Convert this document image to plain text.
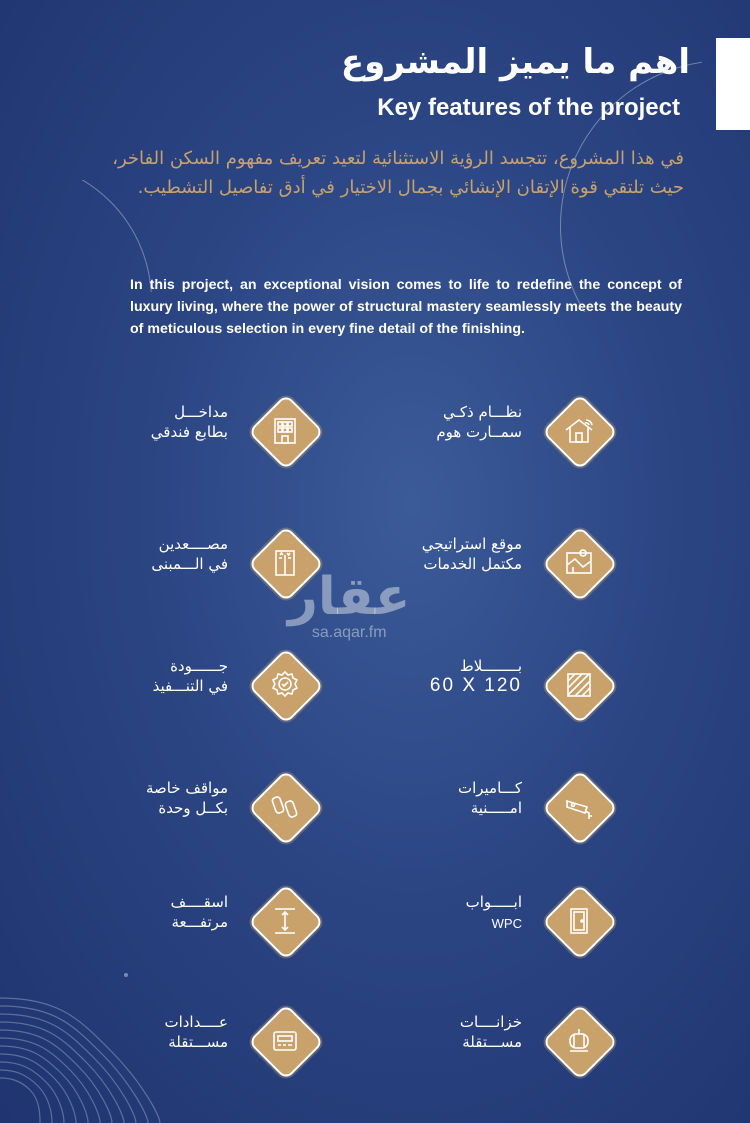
اهم ما يميز المشروع
Key features of the project
في هذا المشروع، تتجسد الرؤية الاستثنائية لتعيد تعريف مفهوم السكن الفاخر، حيث تلتقي قوة الإتقان الإنشائي بجمال الاختيار في أدق تفاصيل التشطيب.
In this project, an exceptional vision comes to life to redefine the concept of luxury living, where the power of structural mastery seamlessly meets the beauty of meticulous selection in every fine detail of the finishing.
نظـــام ذكـي
سمــارت هوم
مداخـــل
بطابع فندقي
موقع استراتيجي
مكتمل الخدمات
مصــــعدين
في الـــمبنى
بــــــــلاط
60 X 120
جــــــودة
في التنـــفيذ
كـــاميرات
امـــــنية
مواقف خاصة
بكــل وحدة
ابـــــواب
WPC
اسقــــف
مرتفـــعة
خزانــــات
مســـتقلة
عــــدادات
مســـتقلة
عقار
sa.aqar.fm
